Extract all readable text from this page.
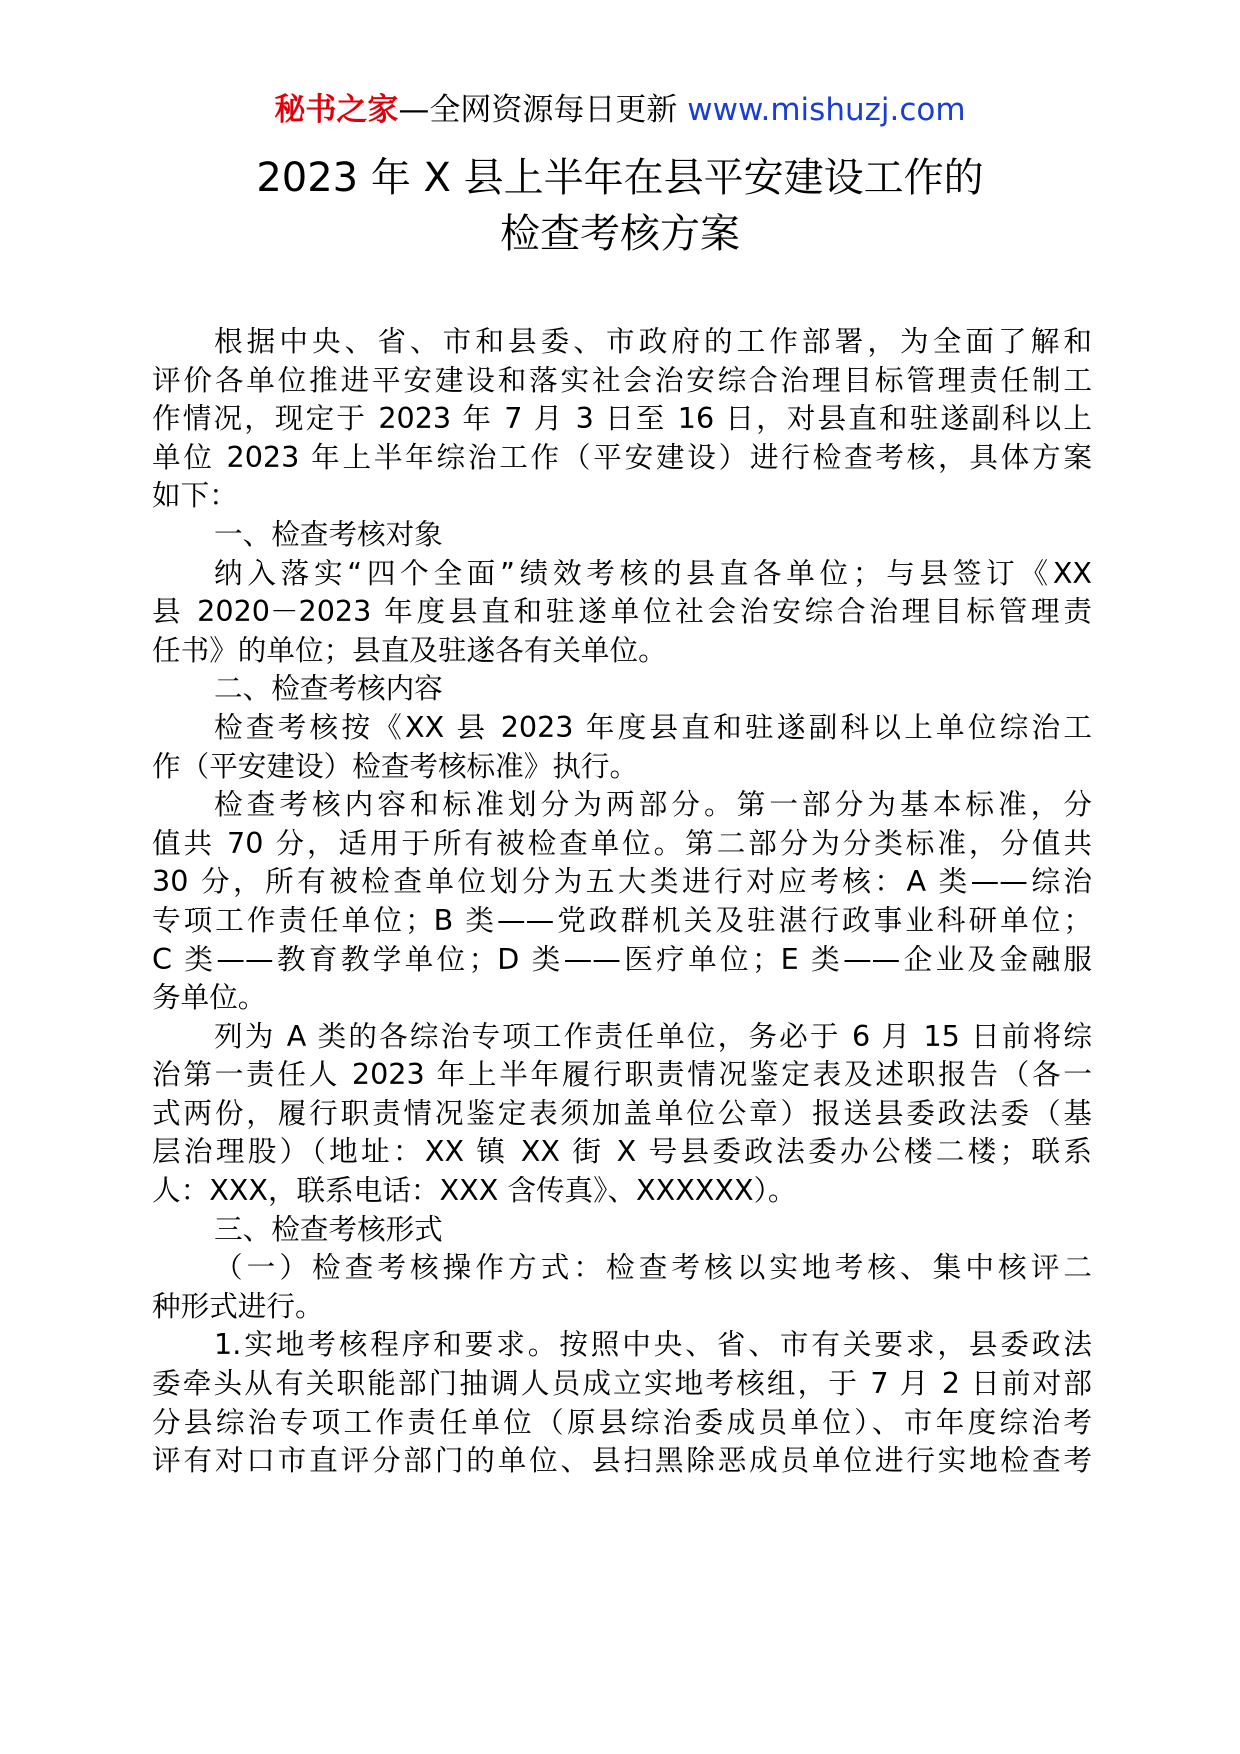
秘书之家—全网资源每日更新 www.mishuzj.com
2023 年 X 县上半年在县平安建设工作的
检查考核方案
根据中央、省、市和县委、市政府的工作部署，为全面了解和
评价各单位推进平安建设和落实社会治安综合治理目标管理责任制工
作情况，现定于 2023 年 7 月 3 日至 16 日，对县直和驻遂副科以上
单位 2023 年上半年综治工作（平安建设）进行检查考核，具体方案
如下：
一、检查考核对象
纳入落实“四个全面”绩效考核的县直各单位；与县签订《XX
县 2020－2023 年度县直和驻遂单位社会治安综合治理目标管理责
任书》的单位；县直及驻遂各有关单位。
二、检查考核内容
检查考核按《XX 县 2023 年度县直和驻遂副科以上单位综治工
作（平安建设）检查考核标准》执行。
检查考核内容和标准划分为两部分。第一部分为基本标准，分
值共 70 分，适用于所有被检查单位。第二部分为分类标准，分值共
30 分，所有被检查单位划分为五大类进行对应考核：A 类——综治
专项工作责任单位；B 类——党政群机关及驻湛行政事业科研单位；
C 类——教育教学单位；D 类——医疗单位；E 类——企业及金融服
务单位。
列为 A 类的各综治专项工作责任单位，务必于 6 月 15 日前将综
治第一责任人 2023 年上半年履行职责情况鉴定表及述职报告（各一
式两份，履行职责情况鉴定表须加盖单位公章）报送县委政法委（基
层治理股）（地址：XX 镇 XX 街 X 号县委政法委办公楼二楼；联系
人：XXX，联系电话：XXX 含传真》、XXXXXX）。
三、检查考核形式
（一）检查考核操作方式：检查考核以实地考核、集中核评二
种形式进行。
1.实地考核程序和要求。按照中央、省、市有关要求，县委政法
委牵头从有关职能部门抽调人员成立实地考核组，于 7 月 2 日前对部
分县综治专项工作责任单位（原县综治委成员单位）、市年度综治考
评有对口市直评分部门的单位、县扫黑除恶成员单位进行实地检查考
